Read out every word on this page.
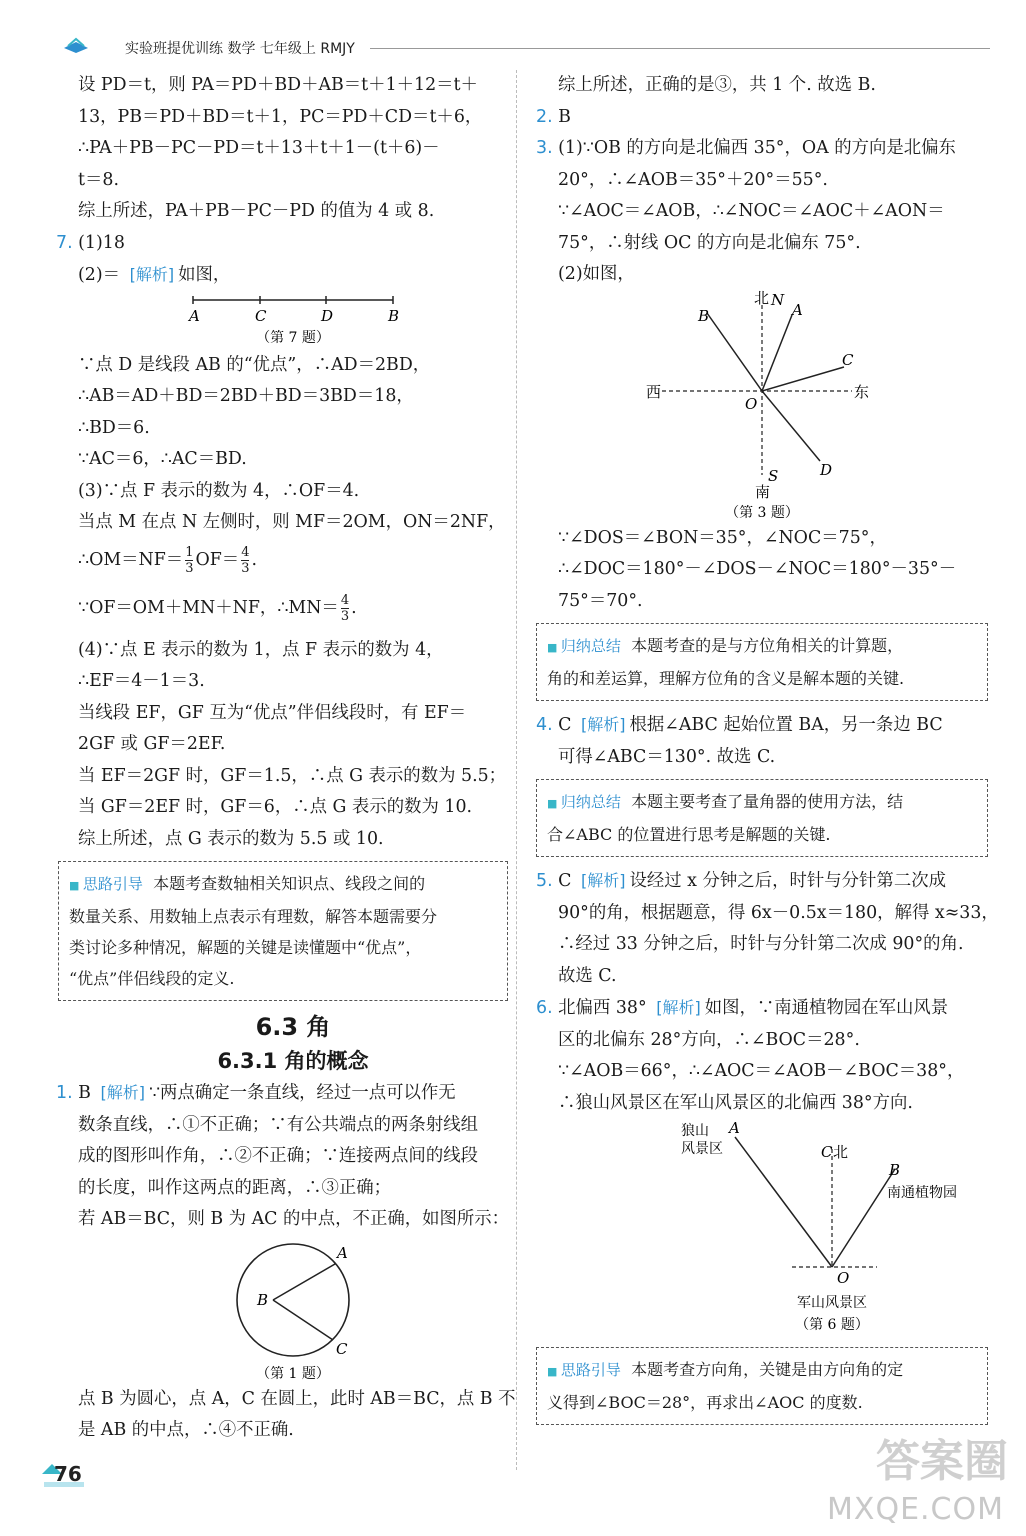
实验班提优训练 数学 七年级上 RMJY
设 PD＝t，则 PA＝PD＋BD＋AB＝t＋1＋12＝t＋
13，PB＝PD＋BD＝t＋1，PC＝PD＋CD＝t＋6，
∴PA＋PB－PC－PD＝t＋13＋t＋1－(t＋6)－
t＝8.
综上所述，PA＋PB－PC－PD 的值为 4 或 8.
7. (1)18
(2)＝ [解析] 如图，
A	C	D	B
（第 7 题）
∵点 D 是线段 AB 的“优点”，∴AD＝2BD，
∴AB＝AD＋BD＝2BD＋BD＝3BD＝18，
∴BD＝6.
∵AC＝6，∴AC＝BD.
(3)∵点 F 表示的数为 4，∴OF＝4.
当点 M 在点 N 左侧时，则 MF＝2OM，ON＝2NF，
∴OM＝NF＝ $\frac{1}{3} OF= \frac{4}{3}$ .
∵OF＝OM＋MN＋NF，∴MN＝ $\frac{4}{3}$ .
(4)∵点 E 表示的数为 1，点 F 表示的数为 4，
∴EF＝4－1＝3.
当线段 EF，GF 互为“优点”伴侣线段时，有 EF＝
2GF 或 GF＝2EF.
当 EF＝2GF 时，GF＝1.5，∴点 G 表示的数为 5.5；
当 GF＝2EF 时，GF＝6，∴点 G 表示的数为 10.
综上所述，点 G 表示的数为 5.5 或 10.
■ 思路引导 本题考查数轴相关知识点、线段之间的
数量关系、用数轴上点表示有理数，解答本题需要分
类讨论多种情况，解题的关键是读懂题中“优点”，
“优点”伴侣线段的定义.
6.3 角
6.3.1 角的概念
1. B [解析] ∵两点确定一条直线，经过一点可以作无
数条直线，∴①不正确；∵有公共端点的两条射线组
成的图形叫作角，∴②不正确；∵连接两点间的线段
的长度，叫作这两点的距离，∴③正确；
若 AB＝BC，则 B 为 AC 的中点，不正确，如图所示：
B
A
C
（第 1 题）
点 B 为圆心，点 A，C 在圆上，此时 AB＝BC，点 B 不
是 AB 的中点，∴④不正确.
综上所述，正确的是③，共 1 个. 故选 B.
2. B
3. (1)∵OB 的方向是北偏西 35°，OA 的方向是北偏东
20°，∴∠AOB＝35°＋20°＝55°.
∵∠AOC＝∠AOB，∴∠NOC＝∠AOC＋∠AON＝
75°，∴射线 OC 的方向是北偏东 75°.
(2)如图，
北 N
A
B
C
西	东
O
D
S
南
（第 3 题）
∵∠DOS＝∠BON＝35°，∠NOC＝75°，
∴∠DOC＝180°－∠DOS－∠NOC＝180°－35°－
75°＝70°.
■ 归纳总结 本题考查的是与方位角相关的计算题，
角的和差运算，理解方位角的含义是解本题的关键.
4. C [解析] 根据∠ABC 起始位置 BA，另一条边 BC
可得∠ABC＝130°. 故选 C.
■ 归纳总结 本题主要考查了量角器的使用方法，结
合∠ABC 的位置进行思考是解题的关键.
5. C [解析] 设经过 x 分钟之后，时针与分针第二次成
90°的角，根据题意，得 6x－0.5x＝180，解得 x≈33，
∴经过 33 分钟之后，时针与分针第二次成 90°的角.
故选 C.
6. 北偏西 38° [解析] 如图，∵南通植物园在军山风景
区的北偏东 28°方向，∴∠BOC＝28°.
∵∠AOB＝66°，∴∠AOC＝∠AOB－∠BOC＝38°，
∴狼山风景区在军山风景区的北偏西 38°方向.
狼山 A
风景区	C 北
B
南通植物园
O
军山风景区
（第 6 题）
■ 思路引导 本题考查方向角，关键是由方向角的定
义得到∠BOC＝28°，再求出∠AOC 的度数.
76	答案圈
MXQE.COM
